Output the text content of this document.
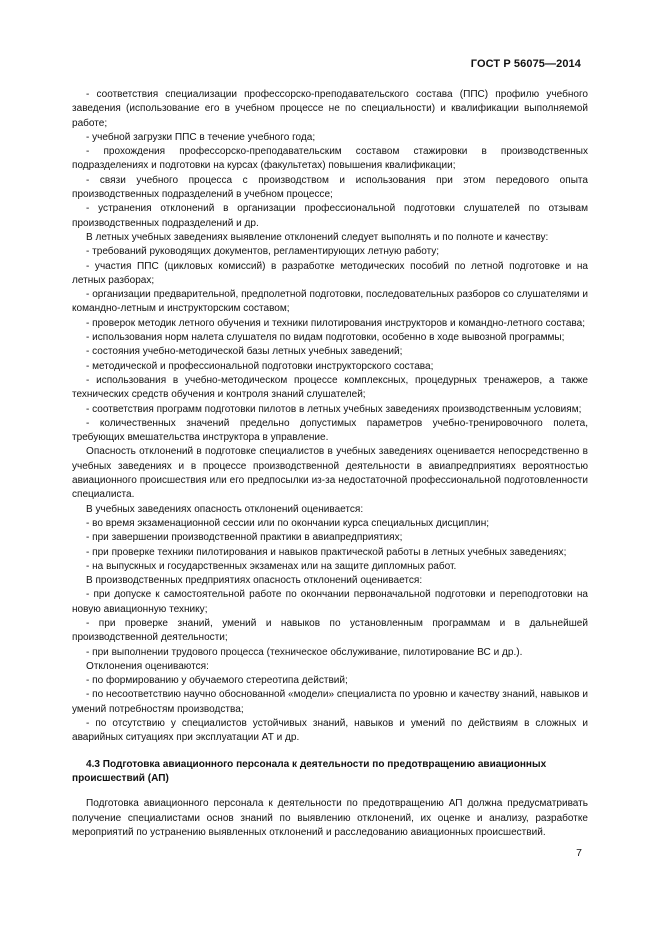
ГОСТ Р 56075—2014

- соответствия специализации профессорско-преподавательского состава (ППС) профилю учебного заведения (использование его в учебном процессе не по специальности) и квалификации выполняемой работе;

- учебной загрузки ППС в течение учебного года;

- прохождения профессорско-преподавательским составом стажировки в производственных подразделениях и подготовки на курсах (факультетах) повышения квалификации;

- связи учебного процесса с производством и использования при этом передового опыта производственных подразделений в учебном процессе;

- устранения отклонений в организации профессиональной подготовки слушателей по отзывам производственных подразделений и др.

В летных учебных заведениях выявление отклонений следует выполнять и по полноте и качеству:

- требований руководящих документов, регламентирующих летную работу;

- участия ППС (цикловых комиссий) в разработке методических пособий по летной подготовке и на летных разборах;

- организации предварительной, предполетной подготовки, последовательных разборов со слушателями и командно-летным и инструкторским составом;

- проверок методик летного обучения и техники пилотирования инструкторов и командно-летного состава;

- использования норм налета слушателя по видам подготовки, особенно в ходе вывозной программы;

- состояния учебно-методической базы летных учебных заведений;

- методической и профессиональной подготовки инструкторского состава;

- использования в учебно-методическом процессе комплексных, процедурных тренажеров, а также технических средств обучения и контроля знаний слушателей;

- соответствия программ подготовки пилотов в летных учебных заведениях производственным условиям;

- количественных значений предельно допустимых параметров учебно-тренировочного полета, требующих вмешательства инструктора в управление.

Опасность отклонений в подготовке специалистов в учебных заведениях оценивается непосредственно в учебных заведениях и в процессе производственной деятельности в авиапредприятиях вероятностью авиационного происшествия или его предпосылки из-за недостаточной профессиональной подготовленности специалиста.

В учебных заведениях опасность отклонений оценивается:

- во время экзаменационной сессии или по окончании курса специальных дисциплин;

- при завершении производственной практики в авиапредприятиях;

- при проверке техники пилотирования и навыков практической работы в летных учебных заведениях;

- на выпускных и государственных экзаменах или на защите дипломных работ.

В производственных предприятиях опасность отклонений оценивается:

- при допуске к самостоятельной работе по окончании первоначальной подготовки и переподготовки на новую авиационную технику;

- при проверке знаний, умений и навыков по установленным программам и в дальнейшей производственной деятельности;

- при выполнении трудового процесса (техническое обслуживание, пилотирование ВС и др.).

Отклонения оцениваются:

- по формированию у обучаемого стереотипа действий;

- по несоответствию научно обоснованной «модели» специалиста по уровню и качеству знаний, навыков и умений потребностям производства;

- по отсутствию у специалистов устойчивых знаний, навыков и умений по действиям в сложных и аварийных ситуациях при эксплуатации АТ и др.

4.3 Подготовка авиационного персонала к деятельности по предотвращению авиационных происшествий (АП)

Подготовка авиационного персонала к деятельности по предотвращению АП должна предусматривать получение специалистами основ знаний по выявлению отклонений, их оценке и анализу, разработке мероприятий по устранению выявленных отклонений и расследованию авиационных происшествий.

7
